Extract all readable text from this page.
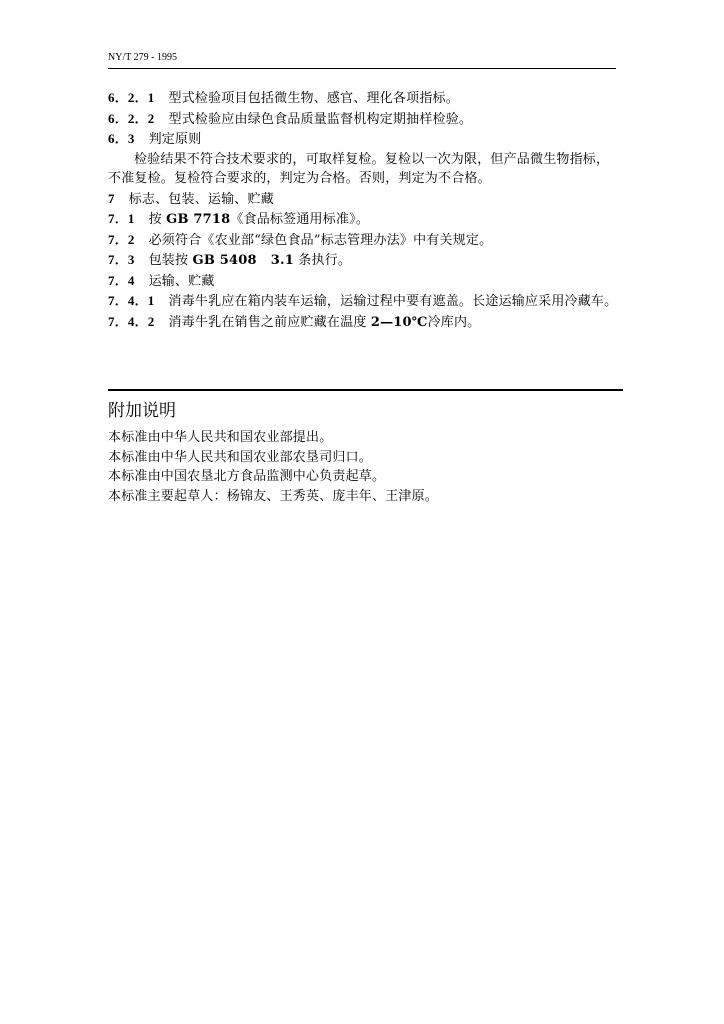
NY/T 279 - 1995
6．2．1 型式检验项目包括微生物、感官、理化各项指标。
6．2．2 型式检验应由绿色食品质量监督机构定期抽样检验。
6．3 判定原则
检验结果不符合技术要求的，可取样复检。复检以一次为限，但产品微生物指标，不准复检。复检符合要求的，判定为合格。否则，判定为不合格。
7 标志、包装、运输、贮藏
7．1 按 GB 7718《食品标签通用标准》。
7．2 必须符合《农业部“绿色食品”标志管理办法》中有关规定。
7．3 包装按 GB 5408 3.1 条执行。
7．4 运输、贮藏
7．4．1 消毒牛乳应在箱内装车运输，运输过程中要有遮盖。长途运输应采用冷藏车。
7．4．2 消毒牛乳在销售之前应贮藏在温度 2—10℃冷库内。
附加说明
本标准由中华人民共和国农业部提出。
本标准由中华人民共和国农业部农垦司归口。
本标准由中国农垦北方食品监测中心负责起草。
本标准主要起草人：杨锦友、王秀英、庞丰年、王津原。
